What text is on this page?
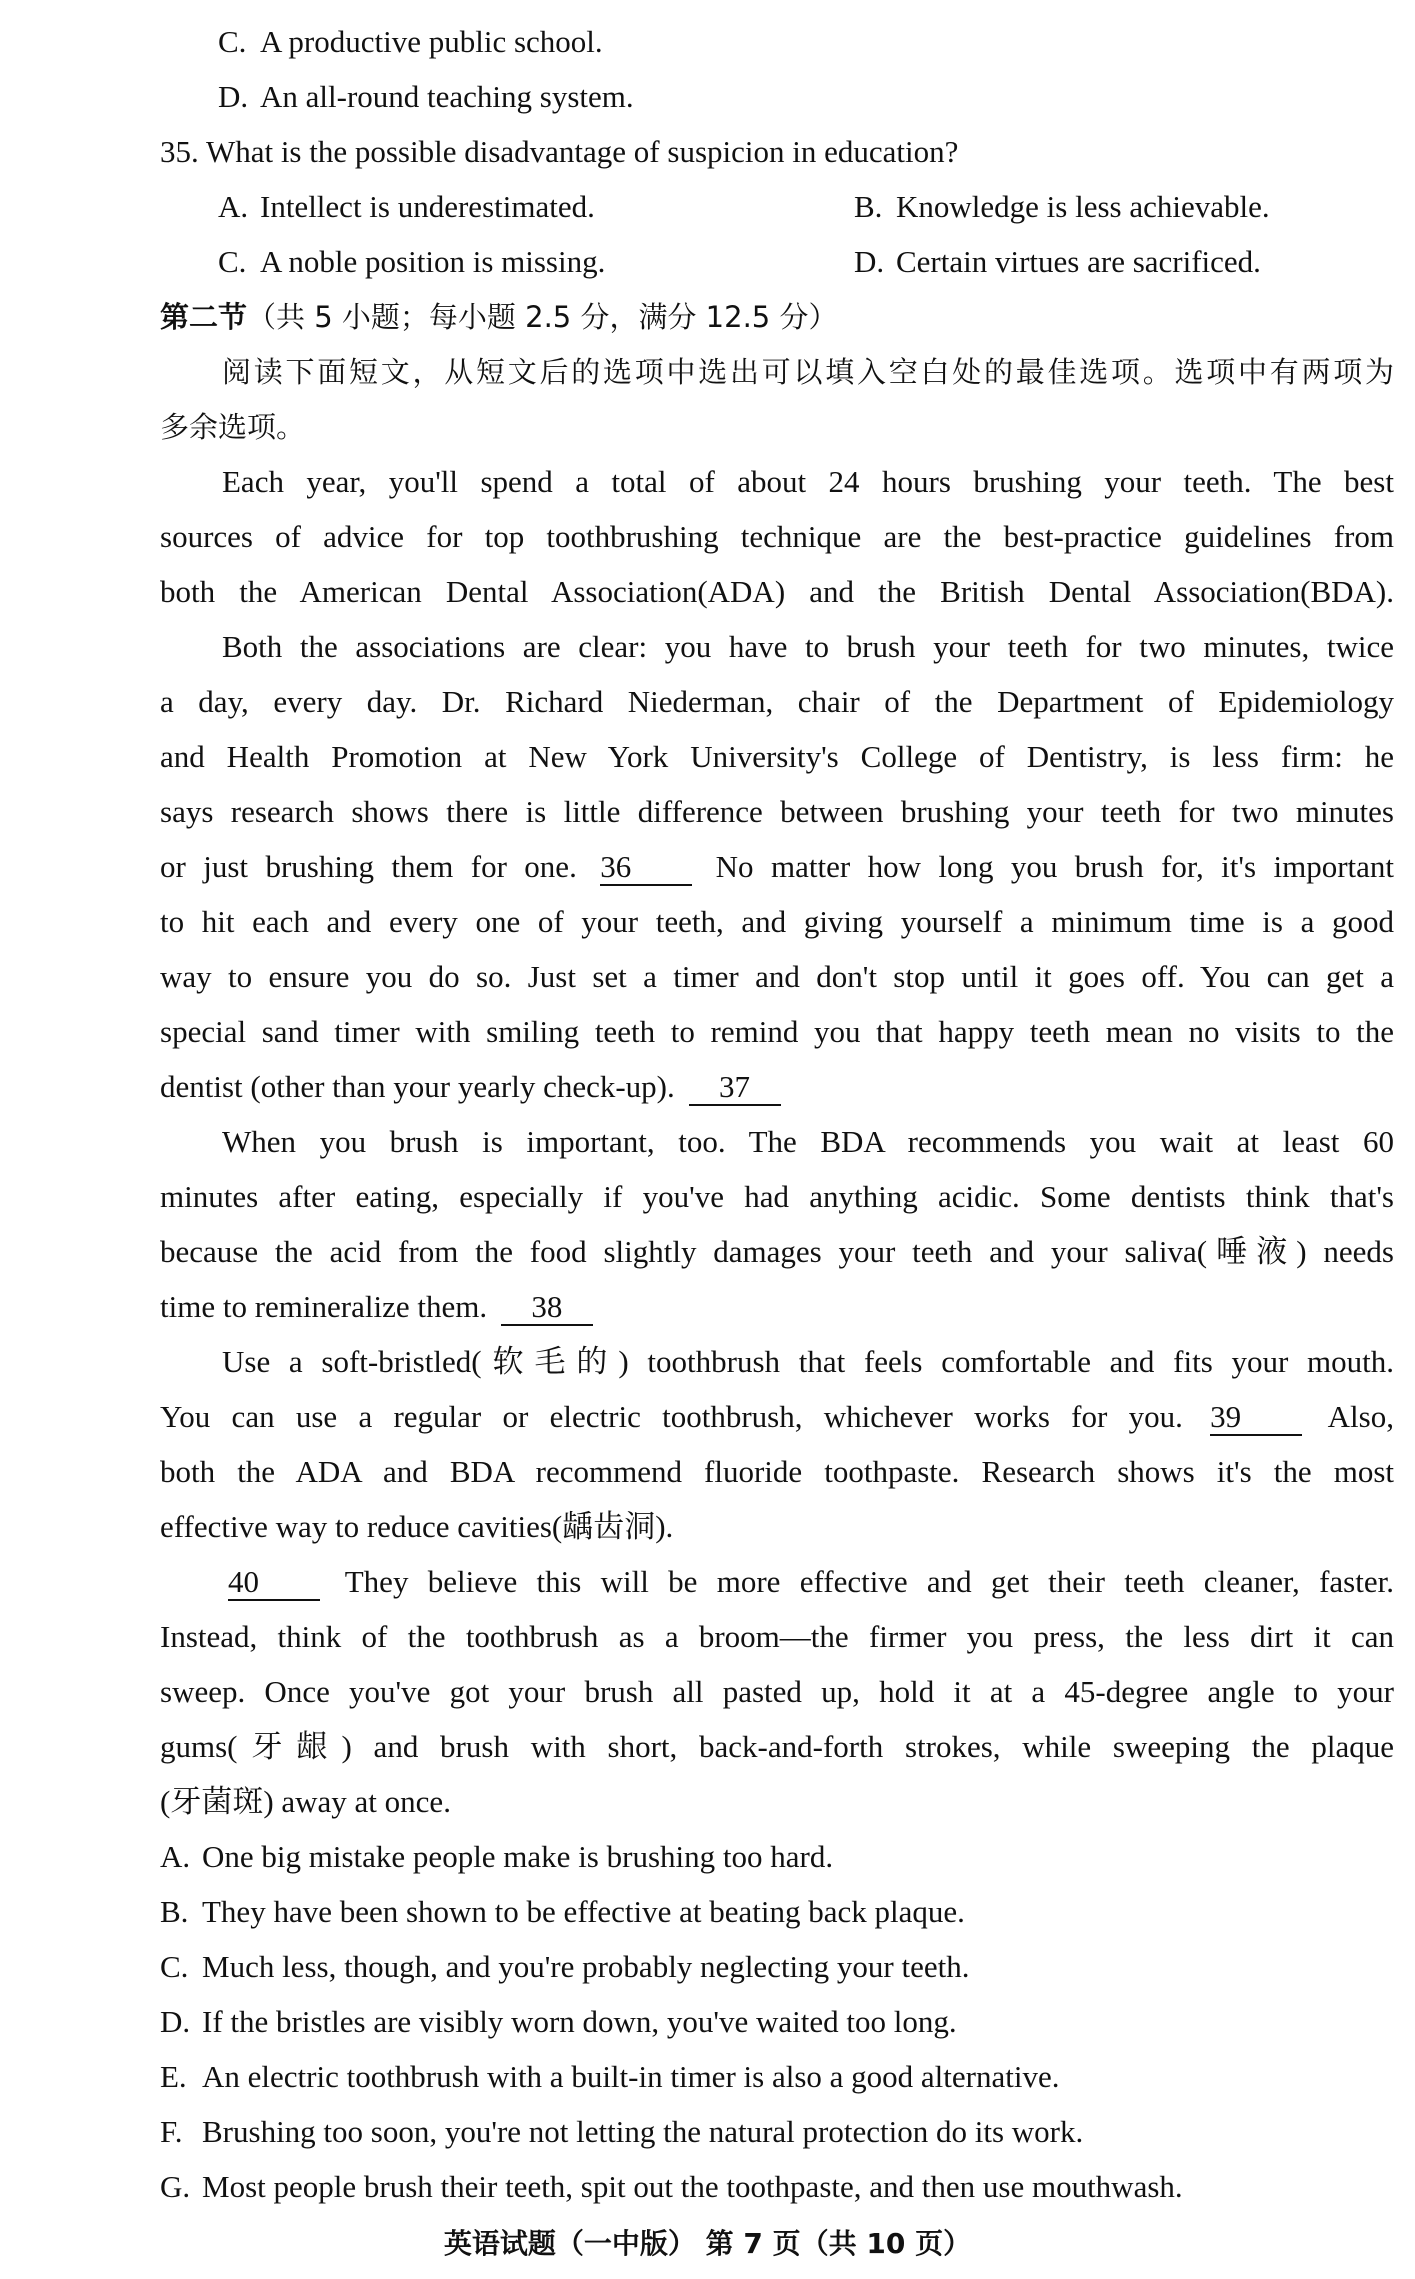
C. A productive public school.
D. An all-round teaching system.
35. What is the possible disadvantage of suspicion in education?
A. Intellect is underestimated.	B. Knowledge is less achievable.
C. A noble position is missing.	D. Certain virtues are sacrificed.
第二节（共 5 小题；每小题 2.5 分，满分 12.5 分）
阅读下面短文，从短文后的选项中选出可以填入空白处的最佳选项。选项中有两项为
多余选项。
Each year, you'll spend a total of about 24 hours brushing your teeth. The best
sources of advice for top toothbrushing technique are the best-practice guidelines from
both the American Dental Association(ADA) and the British Dental Association(BDA).
Both the associations are clear: you have to brush your teeth for two minutes, twice
a day, every day. Dr. Richard Niederman, chair of the Department of Epidemiology
and Health Promotion at New York University's College of Dentistry, is less firm: he
says research shows there is little difference between brushing your teeth for two minutes
or just brushing them for one. 36	No matter how long you brush for, it's important
to hit each and every one of your teeth, and giving yourself a minimum time is a good
way to ensure you do so. Just set a timer and don't stop until it goes off. You can get a
special sand timer with smiling teeth to remind you that happy teeth mean no visits to the
dentist (other than your yearly check-up). 37
When you brush is important, too. The BDA recommends you wait at least 60
minutes after eating, especially if you've had anything acidic. Some dentists think that's
because the acid from the food slightly damages your teeth and your saliva(唾液) needs
time to remineralize them. 38
Use a soft-bristled(软毛的) toothbrush that feels comfortable and fits your mouth.
You can use a regular or electric toothbrush, whichever works for you. 39	Also,
both the ADA and BDA recommend fluoride toothpaste. Research shows it's the most
effective way to reduce cavities(龋齿洞).
40	They believe this will be more effective and get their teeth cleaner, faster.
Instead, think of the toothbrush as a broom—the firmer you press, the less dirt it can
sweep. Once you've got your brush all pasted up, hold it at a 45-degree angle to your
gums(牙龈) and brush with short, back-and-forth strokes, while sweeping the plaque
(牙菌斑) away at once.
A. One big mistake people make is brushing too hard.
B. They have been shown to be effective at beating back plaque.
C. Much less, though, and you're probably neglecting your teeth.
D. If the bristles are visibly worn down, you've waited too long.
E. An electric toothbrush with a built-in timer is also a good alternative.
F. Brushing too soon, you're not letting the natural protection do its work.
G. Most people brush their teeth, spit out the toothpaste, and then use mouthwash.
英语试题（一中版） 第 7 页（共 10 页）
